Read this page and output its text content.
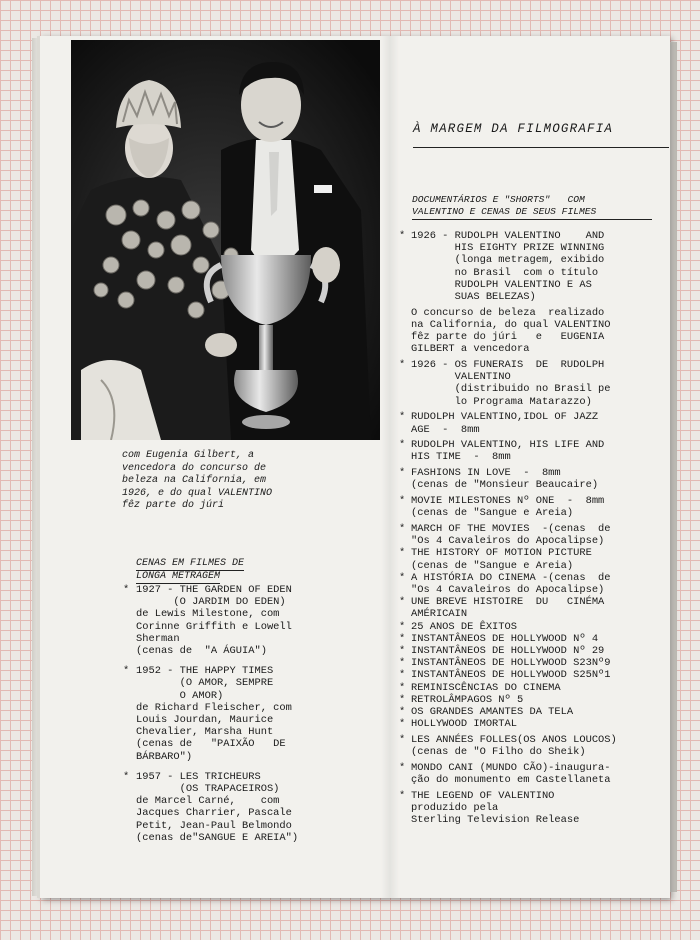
com Eugenia Gilbert, a
vencedora do concurso de
beleza na California, em
1926, e do qual VALENTINO
fêz parte do júri
CENAS EM FILMES DE
LONGA METRAGEM
* 1927 - THE GARDEN OF EDEN
(O JARDIM DO EDEN)
de Lewis Milestone, com
Corinne Griffith e Lowell
Sherman
(cenas de  "A ÁGUIA")
* 1952 - THE HAPPY TIMES
(O AMOR, SEMPRE
O AMOR)
de Richard Fleischer, com
Louis Jourdan, Maurice
Chevalier, Marsha Hunt
(cenas de   "PAIXÃO   DE
BÁRBARO")
* 1957 - LES TRICHEURS
(OS TRAPACEIROS)
de Marcel Carné,    com
Jacques Charrier, Pascale
Petit, Jean-Paul Belmondo
(cenas de"SANGUE E AREIA")
À MARGEM DA FILMOGRAFIA
DOCUMENTÁRIOS E "SHORTS"   COM
VALENTINO E CENAS DE SEUS FILMES
* 1926 - RUDOLPH VALENTINO    AND
HIS EIGHTY PRIZE WINNING
(longa metragem, exibido
no Brasil  com o título
RUDOLPH VALENTINO E AS
SUAS BELEZAS)
O concurso de beleza  realizado
na California, do qual VALENTINO
fêz parte do júri   e   EUGENIA
GILBERT a vencedora
* 1926 - OS FUNERAIS  DE  RUDOLPH
VALENTINO
(distribuido no Brasil pe
lo Programa Matarazzo)
* RUDOLPH VALENTINO,IDOL OF JAZZ
AGE  -  8mm
* RUDOLPH VALENTINO, HIS LIFE AND
HIS TIME  -  8mm
* FASHIONS IN LOVE  -  8mm
(cenas de "Monsieur Beaucaire)
* MOVIE MILESTONES Nº ONE  -  8mm
(cenas de "Sangue e Areia)
* MARCH OF THE MOVIES  -(cenas  de
"Os 4 Cavaleiros do Apocalipse)
* THE HISTORY OF MOTION PICTURE
(cenas de "Sangue e Areia)
* A HISTÓRIA DO CINEMA -(cenas  de
"Os 4 Cavaleiros do Apocalipse)
* UNE BREVE HISTOIRE  DU   CINÉMA
AMÉRICAIN
* 25 ANOS DE ÊXITOS
* INSTANTÂNEOS DE HOLLYWOOD Nº 4
* INSTANTÂNEOS DE HOLLYWOOD Nº 29
* INSTANTÂNEOS DE HOLLYWOOD S23Nº9
* INSTANTÂNEOS DE HOLLYWOOD S25Nº1
* REMINISCÊNCIAS DO CINEMA
* RETROLÂMPAGOS Nº 5
* OS GRANDES AMANTES DA TELA
* HOLLYWOOD IMORTAL
* LES ANNÉES FOLLES(OS ANOS LOUCOS)
(cenas de "O Filho do Sheik)
* MONDO CANI (MUNDO CÃO)-inaugura-
ção do monumento em Castellaneta
* THE LEGEND OF VALENTINO
produzido pela
Sterling Television Release
